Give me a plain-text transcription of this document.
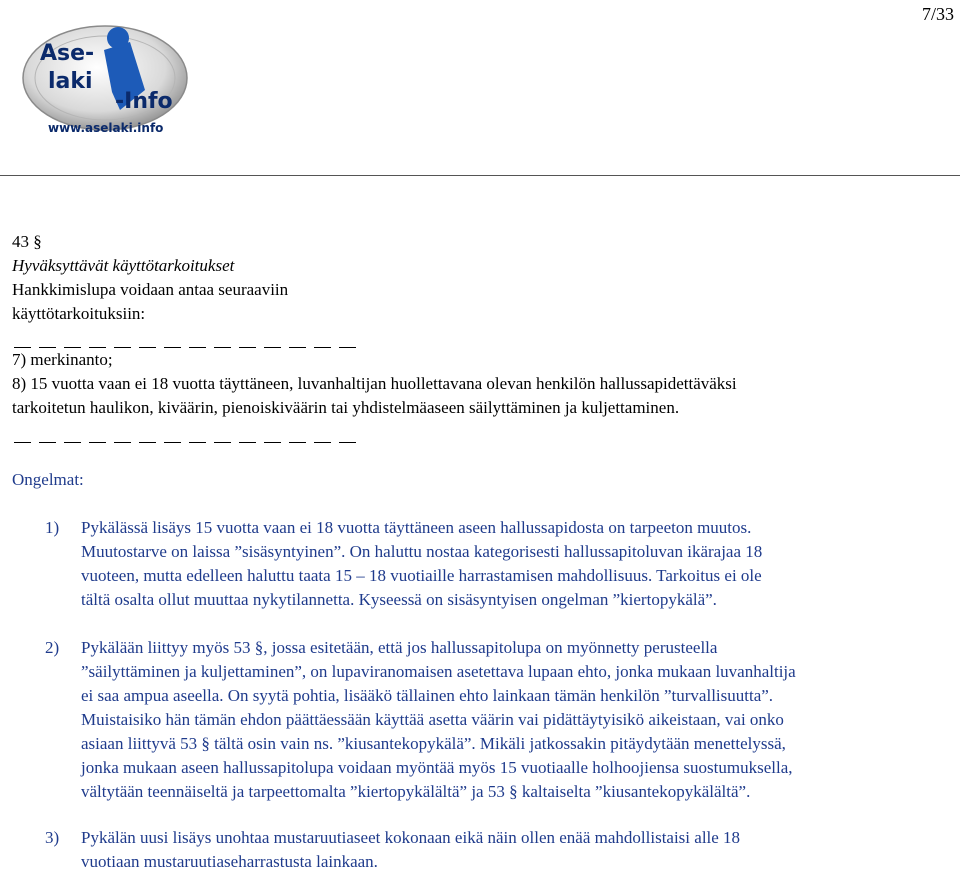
7/33
Ase-
laki
-Info
www.aselaki.info
43 §
Hyväksyttävät käyttötarkoitukset
Hankkimislupa voidaan antaa seuraaviin
käyttötarkoituksiin:
7) merkinanto;
8) 15 vuotta vaan ei 18 vuotta täyttäneen, luvanhaltijan huollettavana olevan henkilön hallussapidettäväksi
tarkoitetun haulikon, kiväärin, pienoiskiväärin tai yhdistelmäaseen säilyttäminen ja kuljettaminen.
Ongelmat:
1) Pykälässä lisäys 15 vuotta vaan ei 18 vuotta täyttäneen aseen hallussapidosta on tarpeeton muutos.

Muutostarve on laissa ”sisäsyntyinen”. On haluttu nostaa kategorisesti hallussapitoluvan ikärajaa 18

vuoteen, mutta edelleen haluttu taata 15 – 18 vuotiaille harrastamisen mahdollisuus. Tarkoitus ei ole

tältä osalta ollut muuttaa nykytilannetta. Kyseessä on sisäsyntyisen ongelman ”kiertopykälä”.

2) Pykälään liittyy myös 53 §, jossa esitetään, että jos hallussapitolupa on myönnetty perusteella

”säilyttäminen ja kuljettaminen”, on lupaviranomaisen asetettava lupaan ehto, jonka mukaan luvanhaltija

ei saa ampua aseella. On syytä pohtia, lisääkö tällainen ehto lainkaan tämän henkilön ”turvallisuutta”.

Muistaisiko hän tämän ehdon päättäessään käyttää asetta väärin vai pidättäytyisikö aikeistaan, vai onko

asiaan liittyvä 53 § tältä osin vain ns. ”kiusantekopykälä”. Mikäli jatkossakin pitäydytään menettelyssä,

jonka mukaan aseen hallussapitolupa voidaan myöntää myös 15 vuotiaalle holhoojiensa suostumuksella,

vältytään teennäiseltä ja tarpeettomalta ”kiertopykälältä” ja 53 § kaltaiselta ”kiusantekopykälältä”.

3) Pykälän uusi lisäys unohtaa mustaruutiaseet kokonaan eikä näin ollen enää mahdollistaisi alle 18

vuotiaan mustaruutiaseharrastusta lainkaan.
